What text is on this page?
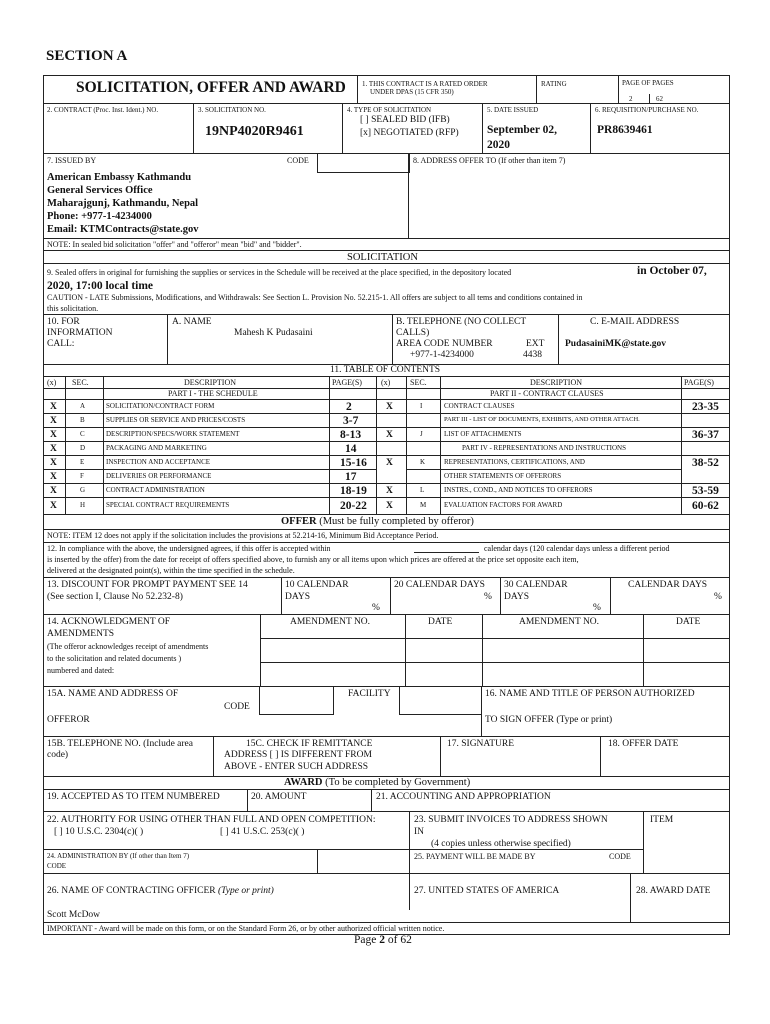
SECTION A
SOLICITATION, OFFER AND AWARD 1. THIS CONTRACT IS A RATED ORDER
UNDER DPAS (15 CFR 350)
RATING	PAGE OF PAGES
2	62
2. CONTRACT (Proc. Inst. Ident.) NO.	3. SOLICITATION NO.
19NP4020R9461
4. TYPE OF SOLICITATION
[ ] SEALED BID (IFB)
[x] NEGOTIATED (RFP)
5. DATE ISSUED
September 02,
2020
6. REQUISITION/PURCHASE NO.
PR8639461
7. ISSUED BY	CODE	8. ADDRESS OFFER TO (If other than item 7)
American Embassy Kathmandu
General Services Office
Maharajgunj, Kathmandu, Nepal
Phone: +977-1-4234000
Email: KTMContracts@state.gov
NOTE: In sealed bid solicitation "offer" and "offeror" mean "bid" and "bidder".
SOLICITATION
9. Sealed offers in original for furnishing the supplies or services in the Schedule will be received at the place specified, in the depository located	in October 07,
2020, 17:00 local time
CAUTION - LATE Submissions, Modifications, and Withdrawals: See Section L. Provision No. 52.215-1. All offers are subject to all tems and conditions contained in
this solicitation.
10. FOR
INFORMATION
CALL:
A. NAME
Mahesh K Pudasaini
B. TELEPHONE (NO COLLECT
CALLS)
AREA CODE NUMBER	EXT
+977-1-4234000	4438
C. E-MAIL ADDRESS
PudasainiMK@state.gov
11. TABLE OF CONTENTS
(x) SEC.	DESCRIPTION	PAGE(S) (x) SEC.	DESCRIPTION	PAGE(S)
PART I - THE SCHEDULE	PART II - CONTRACT CLAUSES
X	A	SOLICITATION/CONTRACT FORM	2
X	B	SUPPLIES OR SERVICE AND PRICES/COSTS	3-7
X	C	DESCRIPTION/SPECS/WORK STATEMENT	8-13
X	D	PACKAGING AND MARKETING	14
X	E	INSPECTION AND ACCEPTANCE	15-16
X	F	DELIVERIES OR PERFORMANCE	17
X	G	CONTRACT ADMINISTRATION	18-19
X	H	SPECIAL CONTRACT REQUIREMENTS	20-22
X	I	CONTRACT CLAUSES	23-35
PART III - LIST OF DOCUMENTS, EXHIBITS, AND OTHER ATTACH.
X	J	LIST OF ATTACHMENTS	36-37
PART IV - REPRESENTATIONS AND INSTRUCTIONS
X	K	REPRESENTATIONS, CERTIFICATIONS, AND
OTHER STATEMENTS OF OFFERORS
38-52
X	L	INSTRS., COND., AND NOTICES TO OFFERORS	53-59
X	M	EVALUATION FACTORS FOR AWARD	60-62
OFFER (Must be fully completed by offeror)
NOTE: ITEM 12 does not apply if the solicitation includes the provisions at 52.214-16, Minimum Bid Acceptance Period.
12. In compliance with the above, the undersigned agrees, if this offer is accepted within	calendar days (120 calendar days unless a different period
is inserted by the offer) from the date for receipt of offers specified above, to furnish any or all items upon which prices are offered at the price set opposite each item,
delivered at the designated point(s), within the time specified in the schedule.
13. DISCOUNT FOR PROMPT PAYMENT SEE 14
(See section I, Clause No 52.232-8)
10 CALENDAR
DAYS
%
20 CALENDAR DAYS
%
30 CALENDAR
DAYS
%
CALENDAR DAYS
%
14. ACKNOWLEDGMENT OF
AMENDMENTS
(The offeror acknowledges receipt of amendments
to the solicitation and related documents )
numbered and dated:
AMENDMENT NO.	DATE	AMENDMENT NO.	DATE
15A. NAME AND ADDRESS OF
OFFEROR
CODE
FACILITY	16. NAME AND TITLE OF PERSON AUTHORIZED
TO SIGN OFFER (Type or print)
15B. TELEPHONE NO. (Include area
code)
15C. CHECK IF REMITTANCE
ADDRESS [ ] IS DIFFERENT FROM
ABOVE - ENTER SUCH ADDRESS
17. SIGNATURE	18. OFFER DATE
AWARD (To be completed by Government)
19. ACCEPTED AS TO ITEM NUMBERED	20. AMOUNT	21. ACCOUNTING AND APPROPRIATION
22. AUTHORITY FOR USING OTHER THAN FULL AND OPEN COMPETITION:
[ ] 10 U.S.C. 2304(c)( )	[ ] 41 U.S.C. 253(c)( )
23. SUBMIT INVOICES TO ADDRESS SHOWN
IN
(4 copies unless otherwise specified)
ITEM
24. ADMINISTRATION BY (If other than Item 7)
CODE
25. PAYMENT WILL BE MADE BY	CODE
26. NAME OF CONTRACTING OFFICER (Type or print)
Scott McDow
27. UNITED STATES OF AMERICA	28. AWARD DATE
IMPORTANT - Award will be made on this form, or on the Standard Form 26, or by other authorized official written notice.
Page 2 of 62
